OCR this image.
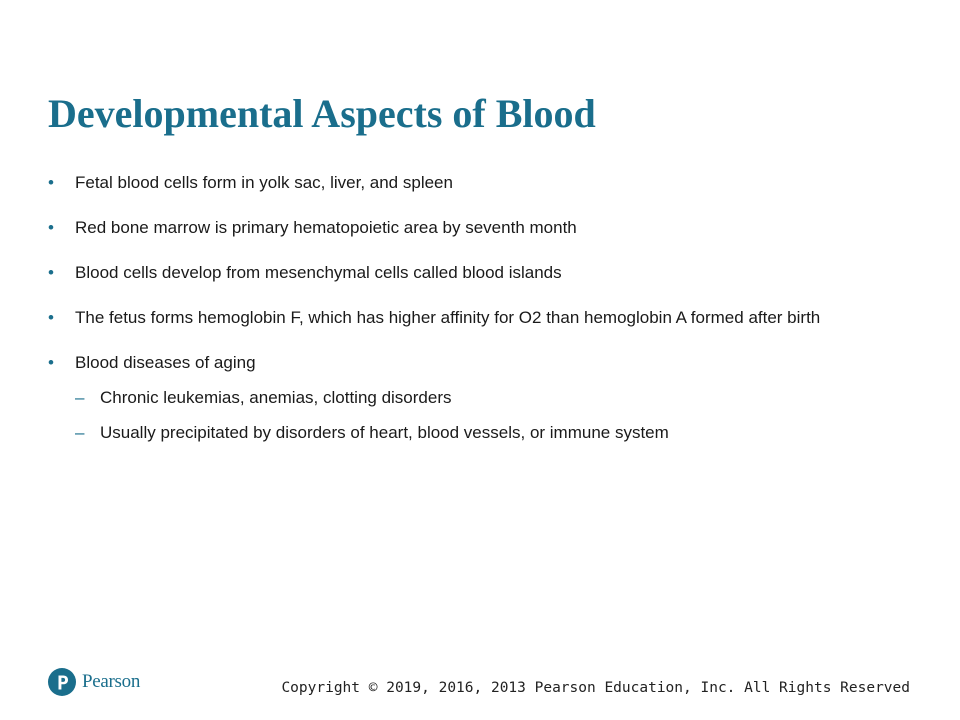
Developmental Aspects of Blood
• Fetal blood cells form in yolk sac, liver, and spleen
• Red bone marrow is primary hematopoietic area by seventh month
• Blood cells develop from mesenchymal cells called blood islands
• The fetus forms hemoglobin F, which has higher affinity for O2 than hemoglobin A formed after birth
• Blood diseases of aging
– Chronic leukemias, anemias, clotting disorders
– Usually precipitated by disorders of heart, blood vessels, or immune system
Pearson	Copyright © 2019, 2016, 2013 Pearson Education, Inc. All Rights Reserved
